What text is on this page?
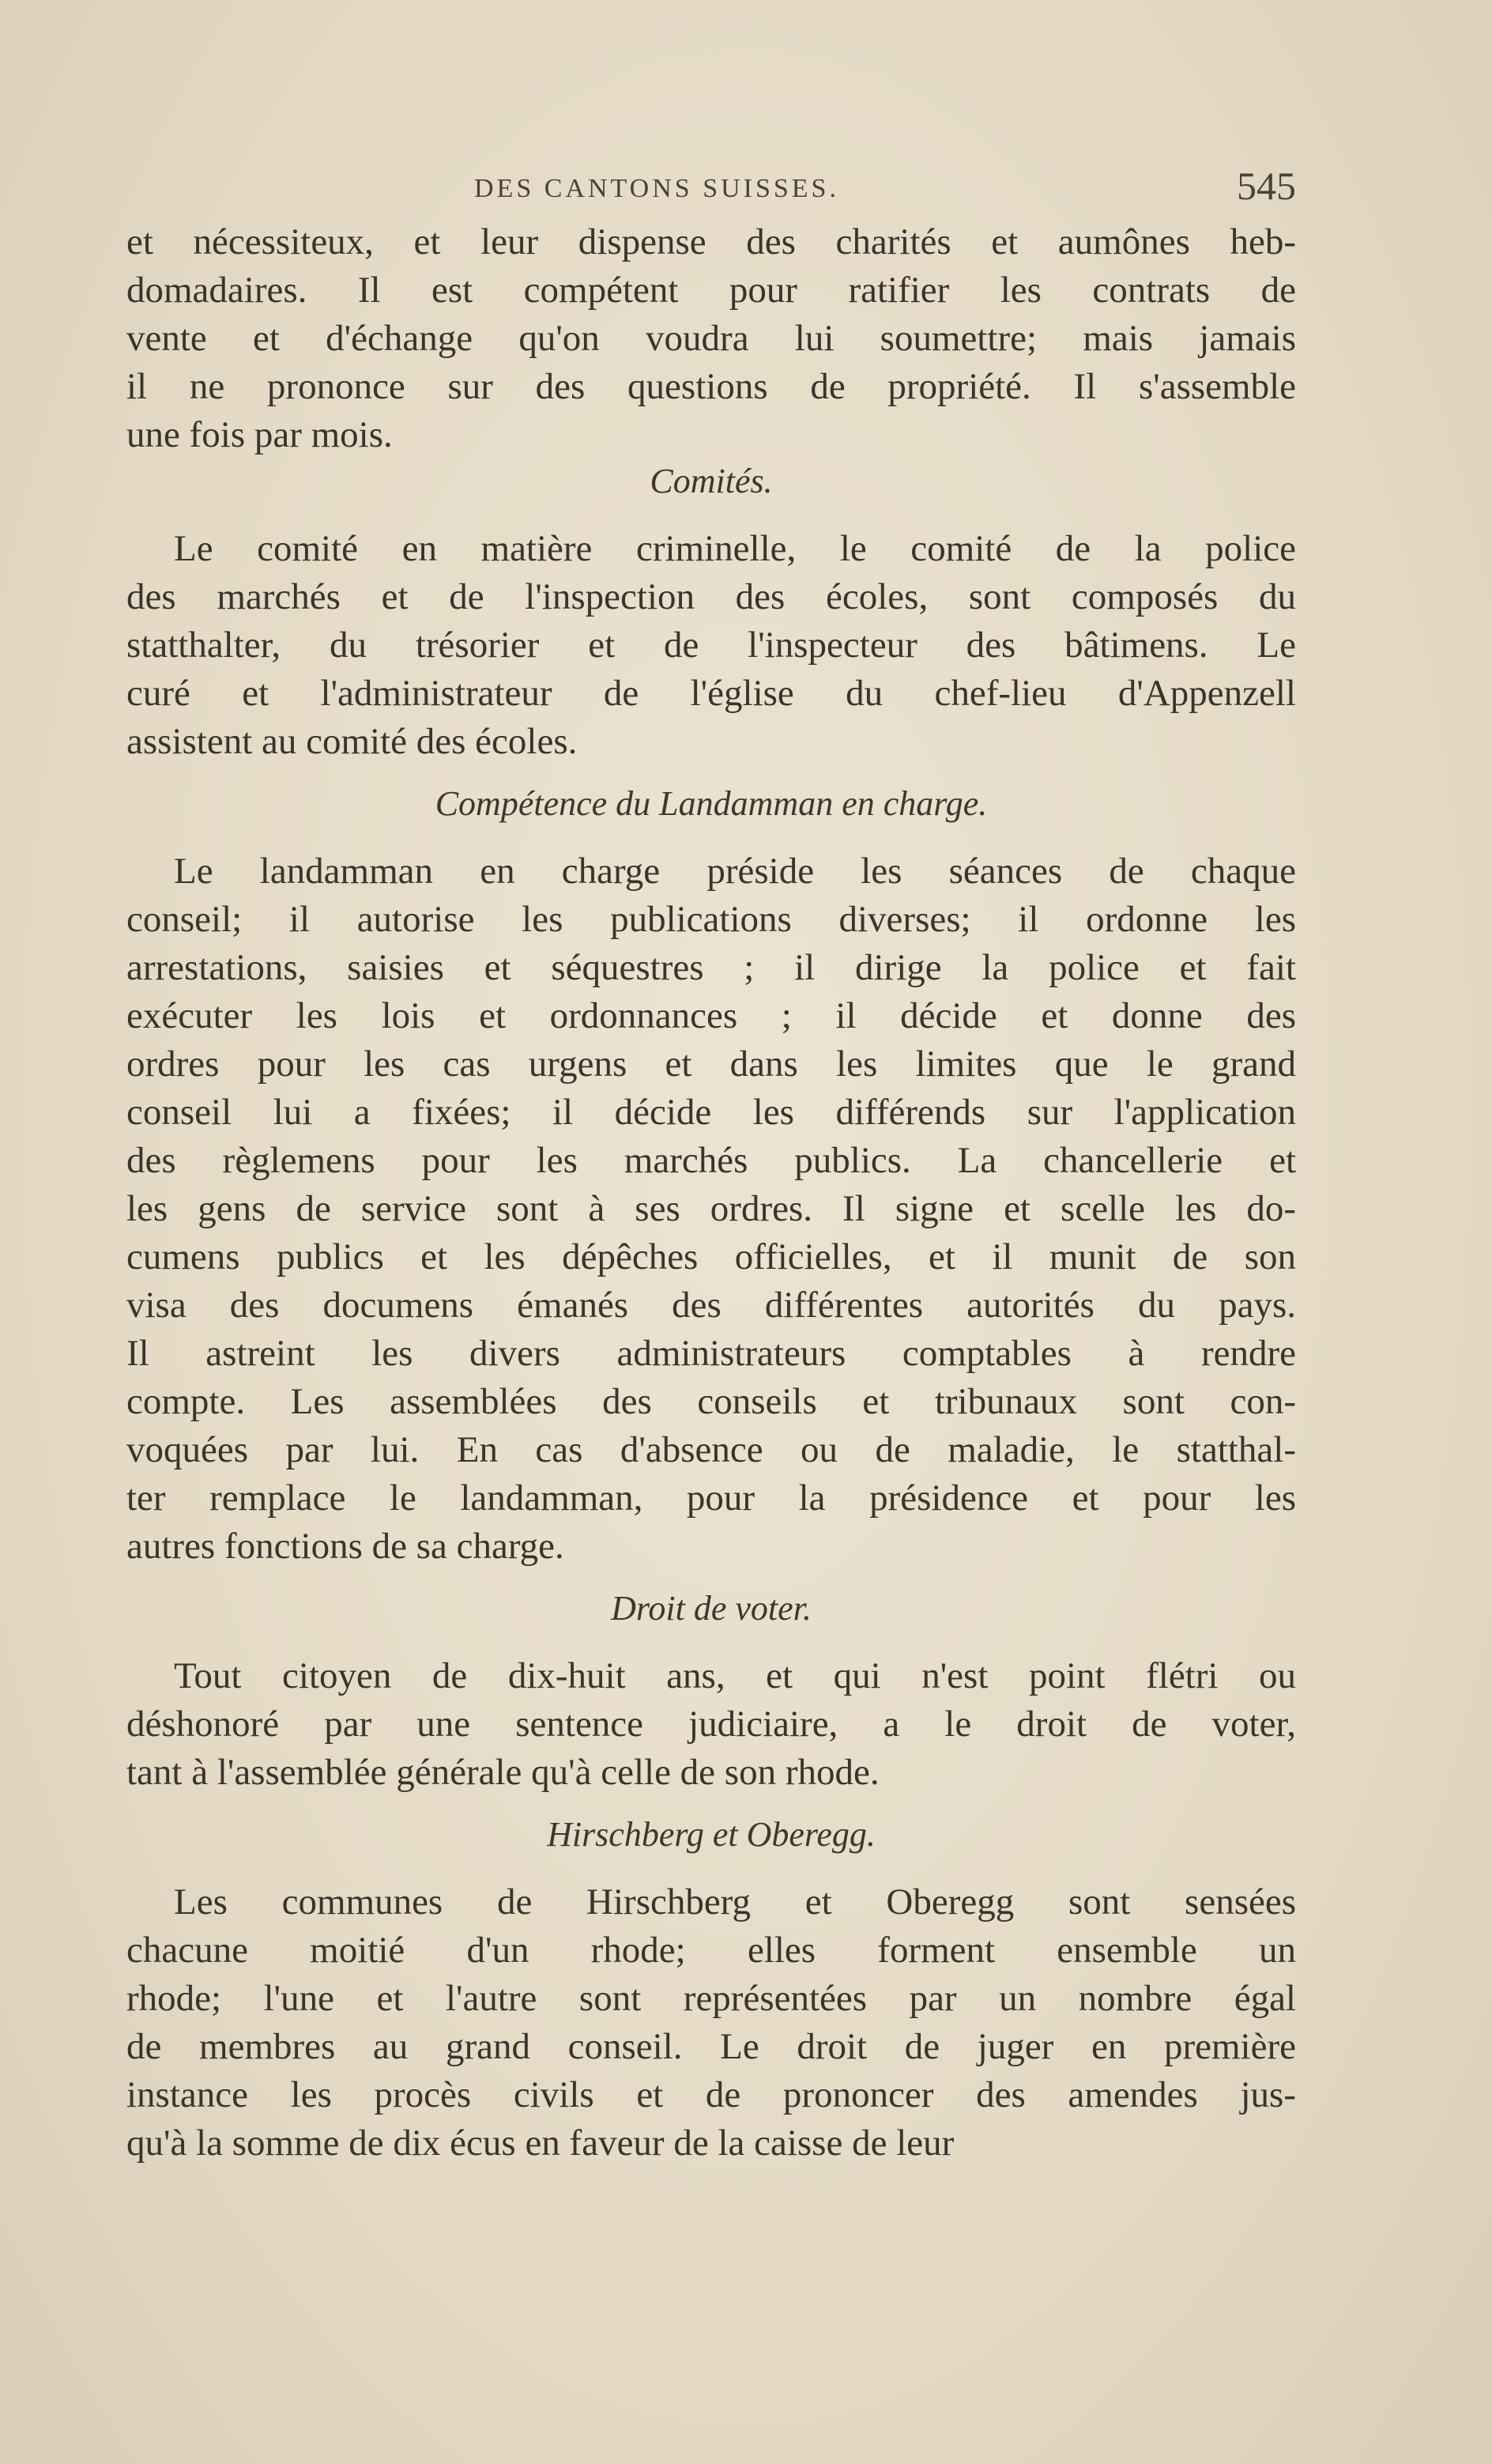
DES CANTONS SUISSES.	545

et nécessiteux, et leur dispense des charités et aumônes heb-
domadaires. Il est compétent pour ratifier les contrats de
vente et d'échange qu'on voudra lui soumettre; mais jamais
il ne prononce sur des questions de propriété. Il s'assemble
une fois par mois.

Comités.

Le comité en matière criminelle, le comité de la police
des marchés et de l'inspection des écoles, sont composés du
statthalter, du trésorier et de l'inspecteur des bâtimens. Le
curé et l'administrateur de l'église du chef-lieu d'Appenzell
assistent au comité des écoles.

Compétence du Landamman en charge.

Le landamman en charge préside les séances de chaque
conseil; il autorise les publications diverses; il ordonne les
arrestations, saisies et séquestres ; il dirige la police et fait
exécuter les lois et ordonnances ; il décide et donne des
ordres pour les cas urgens et dans les limites que le grand
conseil lui a fixées; il décide les différends sur l'application
des règlemens pour les marchés publics. La chancellerie et
les gens de service sont à ses ordres. Il signe et scelle les do-
cumens publics et les dépêches officielles, et il munit de son
visa des documens émanés des différentes autorités du pays.
Il astreint les divers administrateurs comptables à rendre
compte. Les assemblées des conseils et tribunaux sont con-
voquées par lui. En cas d'absence ou de maladie, le statthal-
ter remplace le landamman, pour la présidence et pour les
autres fonctions de sa charge.

Droit de voter.

Tout citoyen de dix-huit ans, et qui n'est point flétri ou
déshonoré par une sentence judiciaire, a le droit de voter,
tant à l'assemblée générale qu'à celle de son rhode.

Hirschberg et Oberegg.

Les communes de Hirschberg et Oberegg sont sensées
chacune moitié d'un rhode; elles forment ensemble un
rhode; l'une et l'autre sont représentées par un nombre égal
de membres au grand conseil. Le droit de juger en première
instance les procès civils et de prononcer des amendes jus-
qu'à la somme de dix écus en faveur de la caisse de leur
